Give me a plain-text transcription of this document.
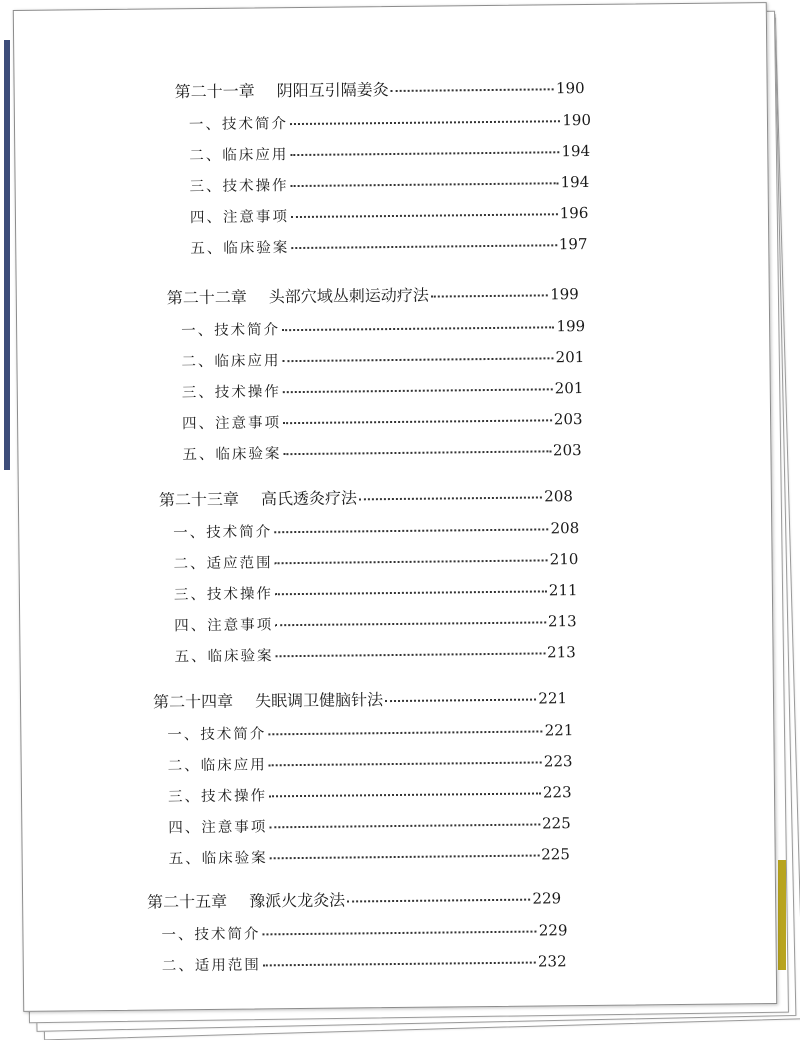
第二十一章 阴阳互引隔姜灸	190
一、技术简介	190
二、临床应用	194
三、技术操作	194
四、注意事项	196
五、临床验案	197
第二十二章 头部穴域丛刺运动疗法	199
一、技术简介	199
二、临床应用	201
三、技术操作	201
四、注意事项	203
五、临床验案	203
第二十三章 高氏透灸疗法	208
一、技术简介	208
二、适应范围	210
三、技术操作	211
四、注意事项	213
五、临床验案	213
第二十四章 失眠调卫健脑针法	221
一、技术简介	221
二、临床应用	223
三、技术操作	223
四、注意事项	225
五、临床验案	225
第二十五章 豫派火龙灸法	229
一、技术简介	229
二、适用范围	232
